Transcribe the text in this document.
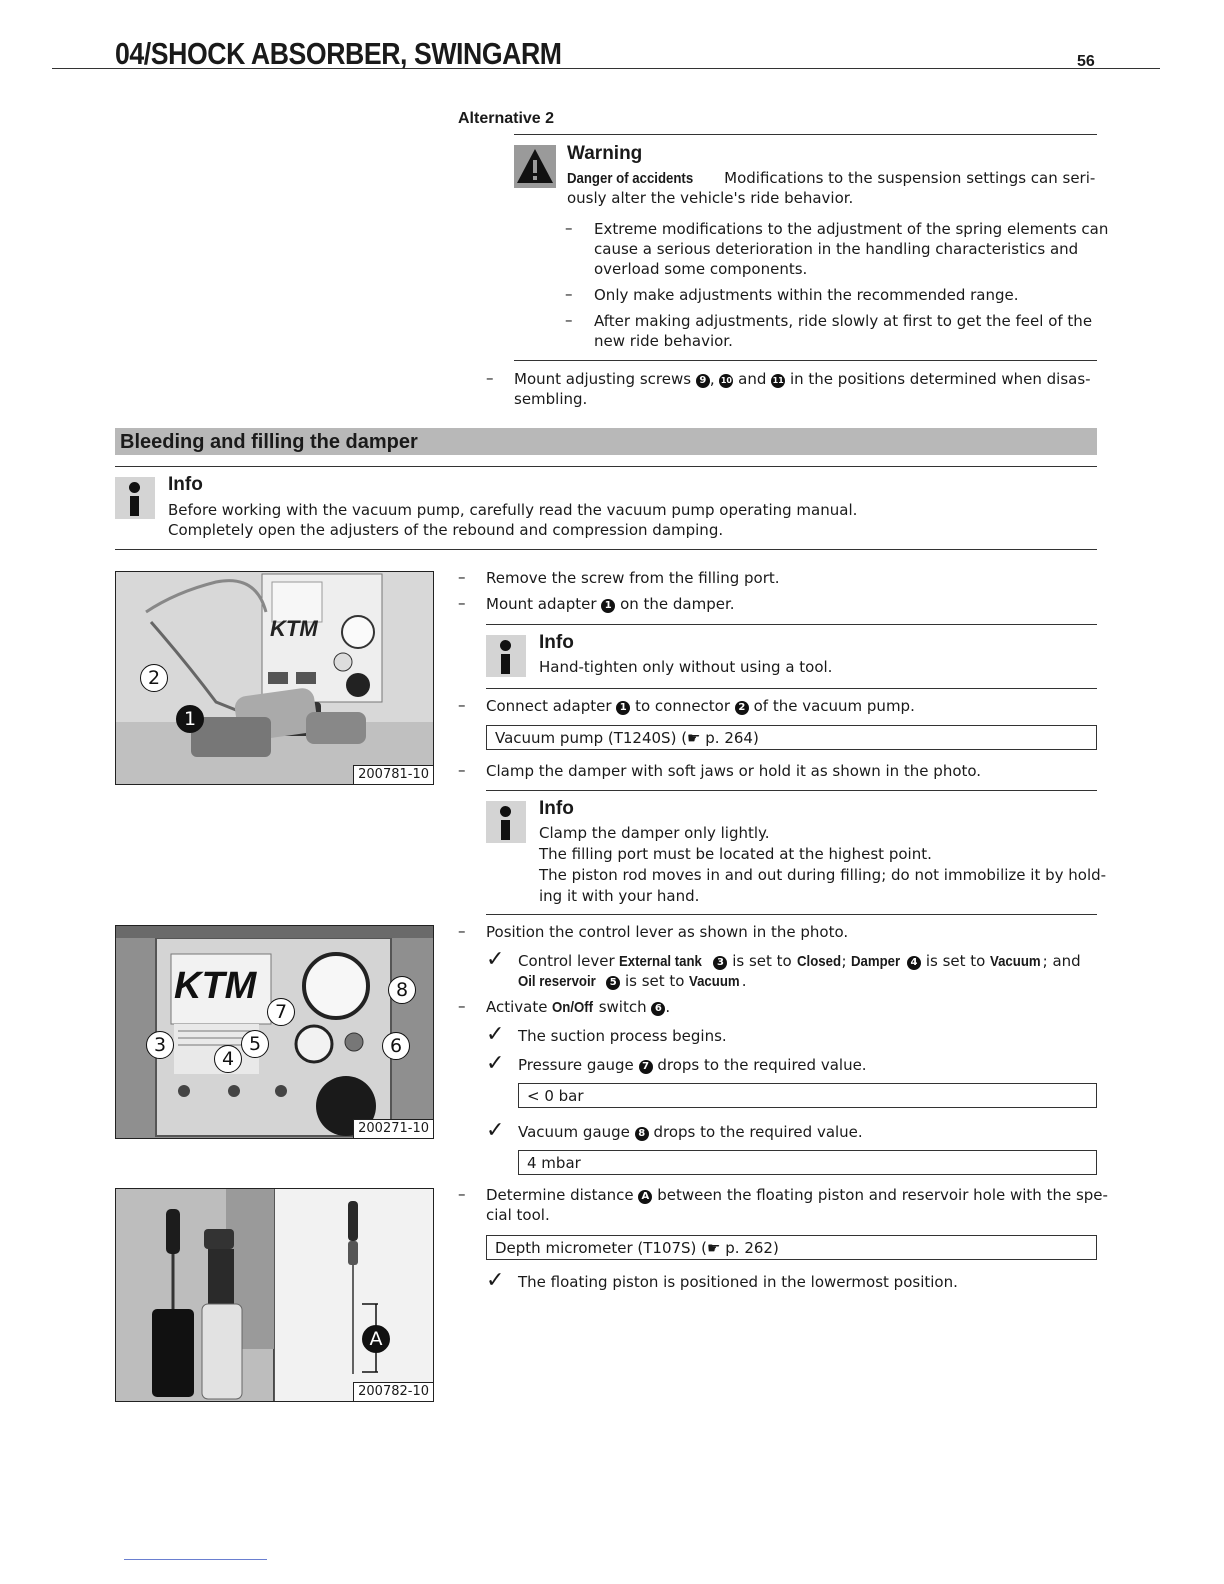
04/SHOCK ABSORBER, SWINGARM	56
Alternative 2
Warning
Danger of accidents Modifications to the suspension settings can seri-
ously alter the vehicle's ride behavior.
– Extreme modifications to the adjustment of the spring elements can
cause a serious deterioration in the handling characteristics and
overload some components.
– Only make adjustments within the recommended range.
– After making adjustments, ride slowly at first to get the feel of the
new ride behavior.
– Mount adjusting screws 9 , 10 and 11 in the positions determined when disas-
sembling.
Bleeding and filling the damper
Info
Before working with the vacuum pump, carefully read the vacuum pump operating manual.
Completely open the adjusters of the rebound and compression damping.
KTM
2
1
200781-10
– Remove the screw from the filling port.
– Mount adapter 1 on the damper.
Info
Hand-tighten only without using a tool.
– Connect adapter 1 to connector 2 of the vacuum pump.
Vacuum pump (T1240S) (☛ p. 264)
– Clamp the damper with soft jaws or hold it as shown in the photo.
Info
Clamp the damper only lightly.
The filling port must be located at the highest point.
The piston rod moves in and out during filling; do not immobilize it by hold-
ing it with your hand.
KTM	8
7
6
5
4
3
200271-10
– Position the control lever as shown in the photo.
✓ Control lever External tank 3 is set to Closed; Damper 4 is set to Vacuum ; and
Oil reservoir 5 is set to Vacuum .
– Activate On/Off switch 6 .
✓ The suction process begins.
✓ Pressure gauge 7 drops to the required value.
< 0 bar
✓ Vacuum gauge 8 drops to the required value.
4 mbar
A
200782-10
– Determine distance A between the floating piston and reservoir hole with the spe-
cial tool.
Depth micrometer (T107S) (☛ p. 262)
✓ The floating piston is positioned in the lowermost position.
